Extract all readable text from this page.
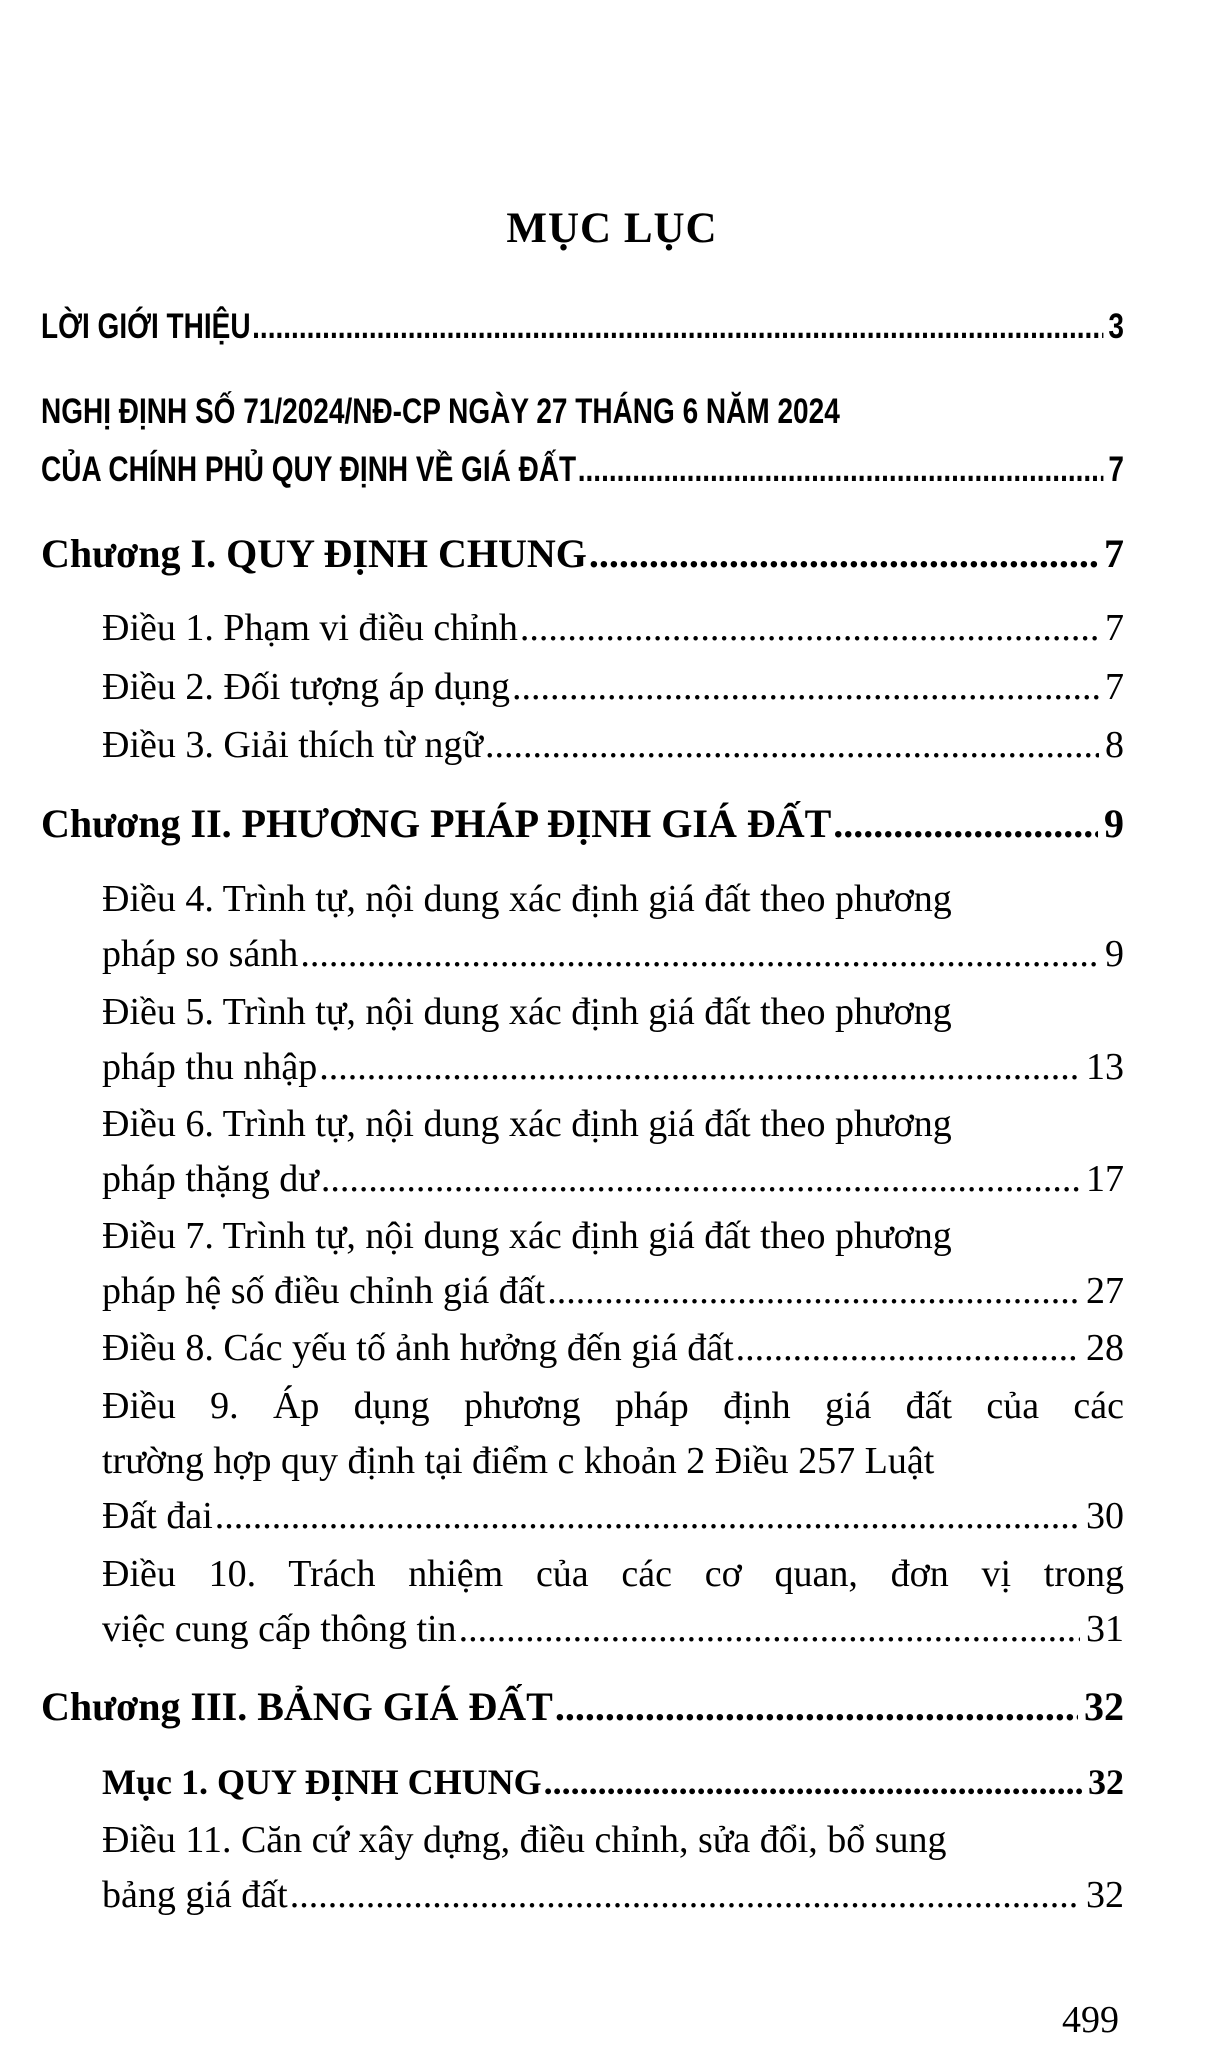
MỤC LỤC
LỜI GIỚI THIỆU .....	3
NGHỊ ĐỊNH SỐ 71/2024/NĐ-CP NGÀY 27 THÁNG 6 NĂM 2024
CỦA CHÍNH PHỦ QUY ĐỊNH VỀ GIÁ ĐẤT .....	7
Chương I. QUY ĐỊNH CHUNG .....	7
Điều 1. Phạm vi điều chỉnh .....	7
Điều 2. Đối tượng áp dụng .....	7
Điều 3. Giải thích từ ngữ .....	8
Chương II. PHƯƠNG PHÁP ĐỊNH GIÁ ĐẤT .....	9
Điều 4. Trình tự, nội dung xác định giá đất theo phương
pháp so sánh .....	9
Điều 5. Trình tự, nội dung xác định giá đất theo phương
pháp thu nhập .....	13
Điều 6. Trình tự, nội dung xác định giá đất theo phương
pháp thặng dư .....	17
Điều 7. Trình tự, nội dung xác định giá đất theo phương
pháp hệ số điều chỉnh giá đất .....	27
Điều 8. Các yếu tố ảnh hưởng đến giá đất .....	28
Điều 9. Áp dụng phương pháp định giá đất của các
trường hợp quy định tại điểm c khoản 2 Điều 257 Luật
Đất đai .....	30
Điều 10. Trách nhiệm của các cơ quan, đơn vị trong
việc cung cấp thông tin .....	31
Chương III. BẢNG GIÁ ĐẤT .....	32
Mục 1. QUY ĐỊNH CHUNG .....	32
Điều 11. Căn cứ xây dựng, điều chỉnh, sửa đổi, bổ sung
bảng giá đất .....	32
499
